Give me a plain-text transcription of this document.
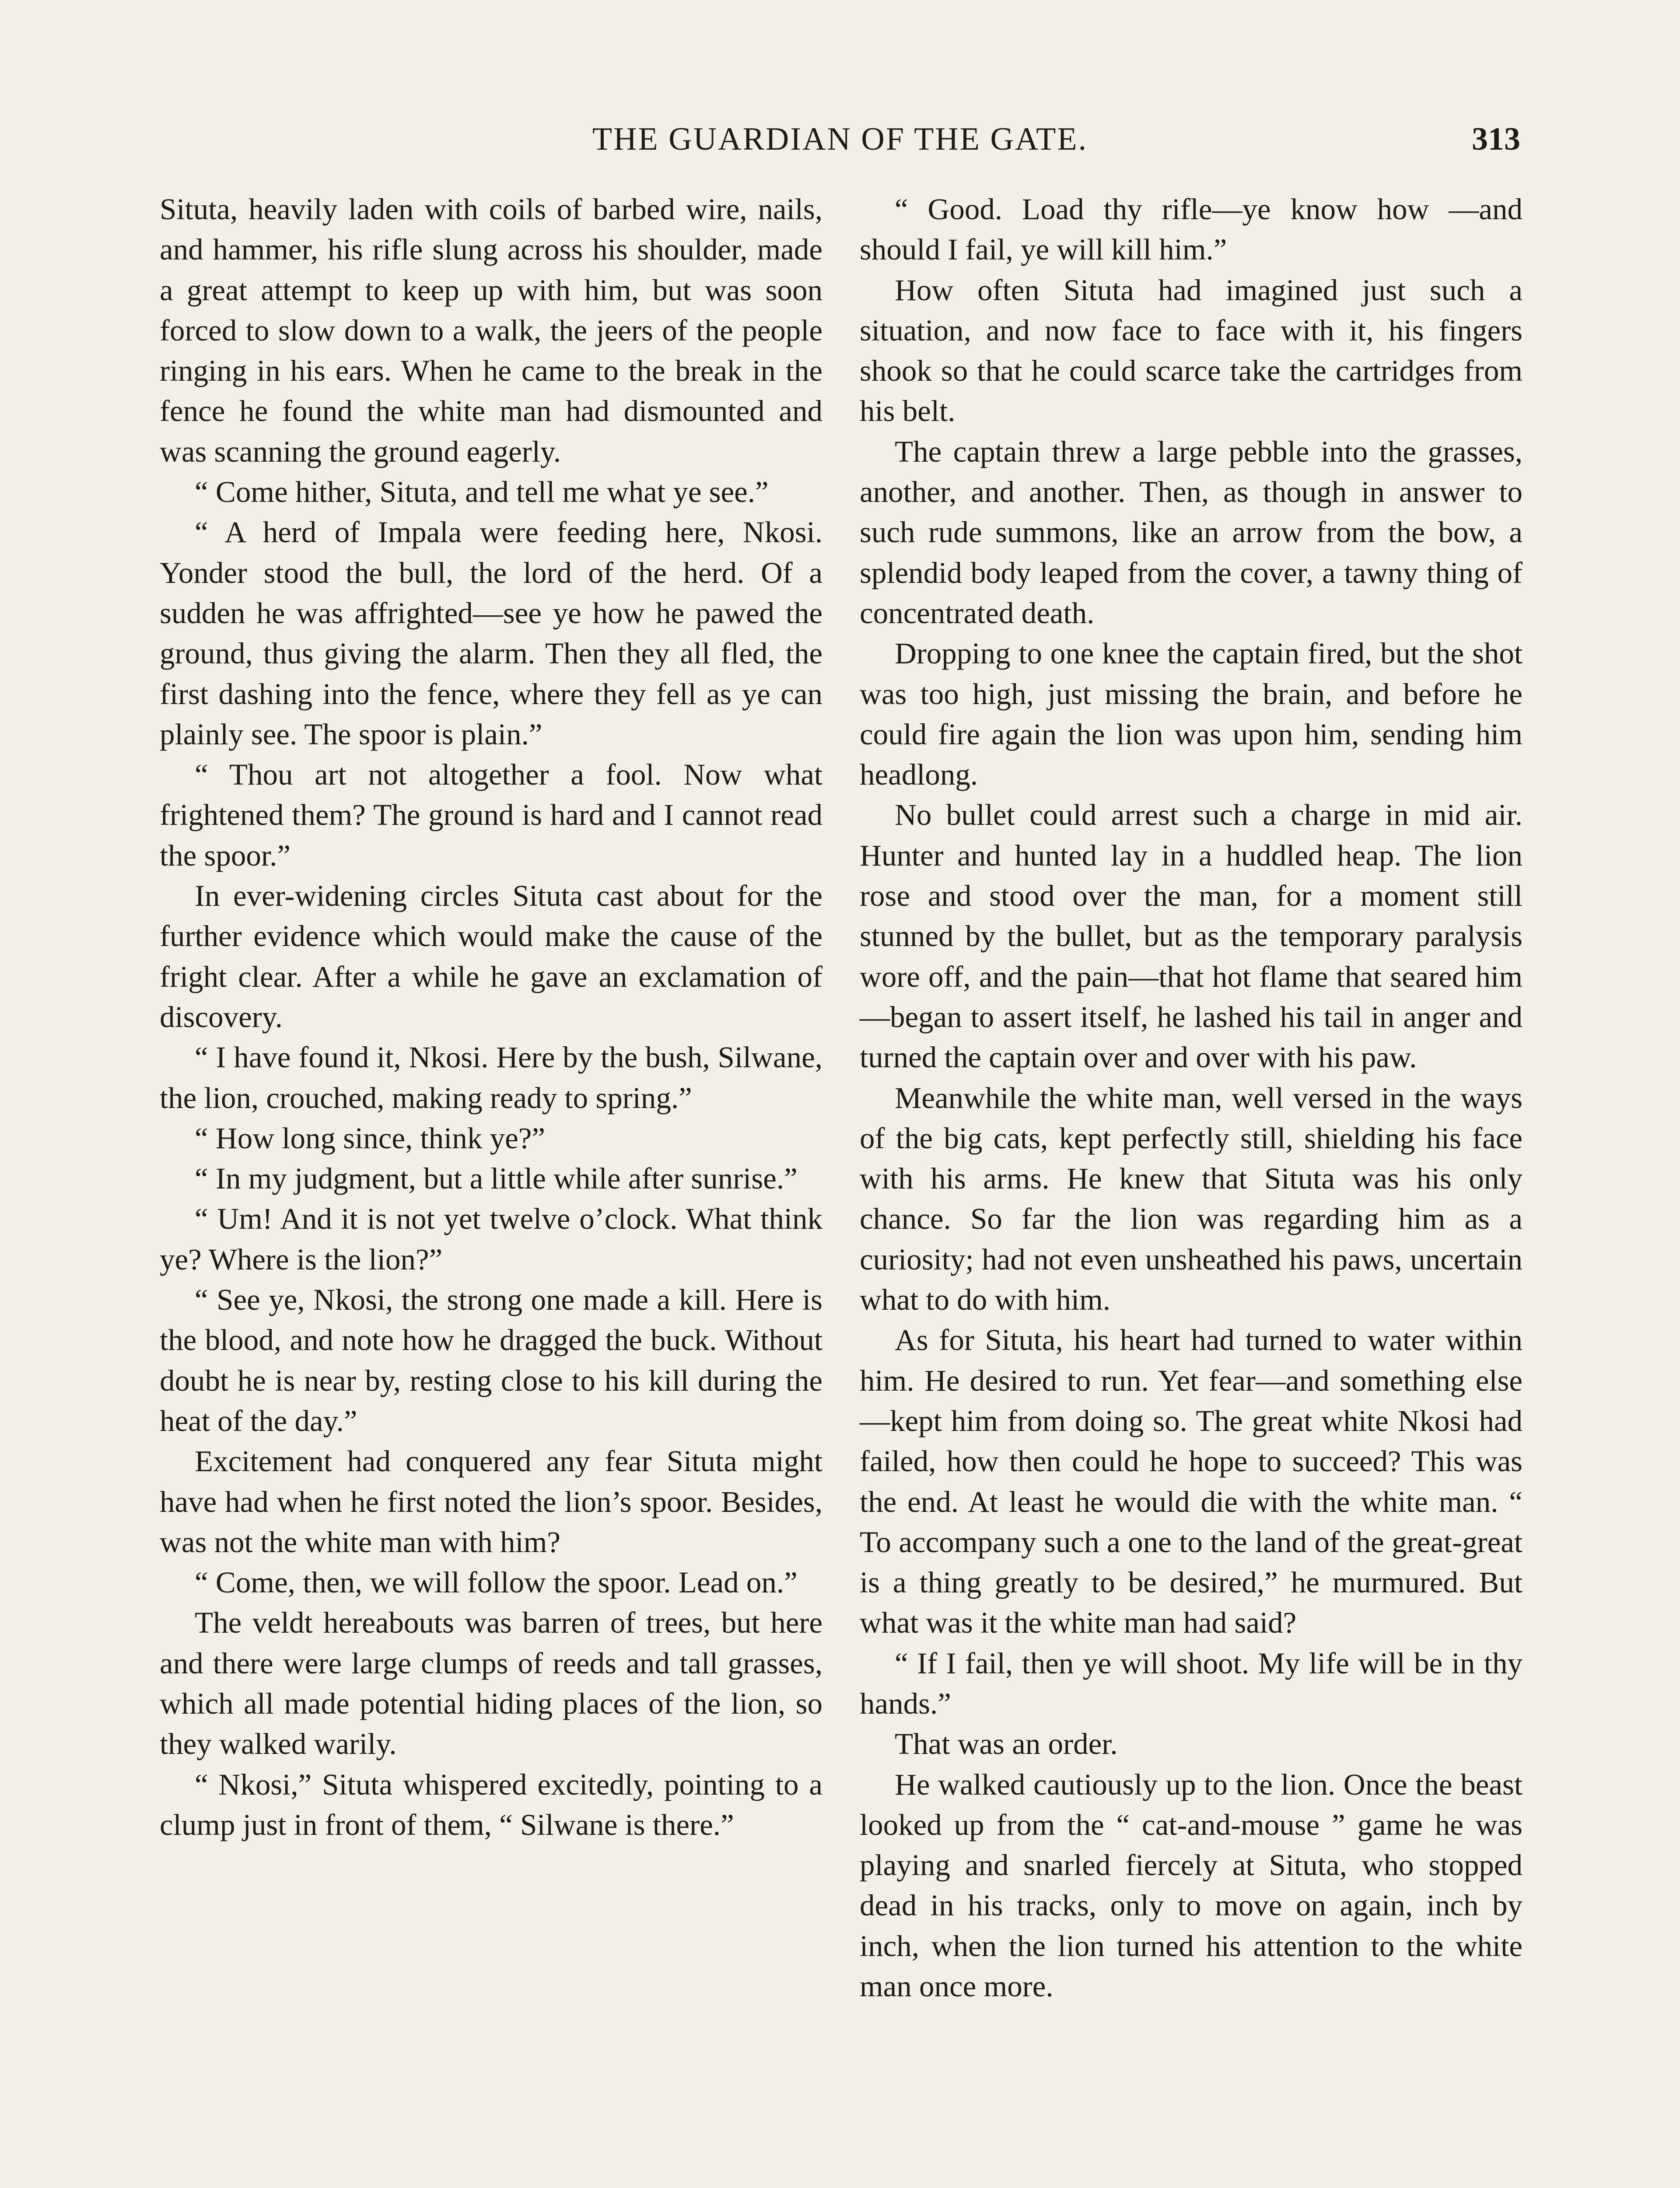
THE GUARDIAN OF THE GATE.	313

Situta, heavily laden with coils of barbed wire, nails, and hammer, his rifle slung across his shoulder, made a great attempt to keep up with him, but was soon forced to slow down to a walk, the jeers of the people ringing in his ears. When he came to the break in the fence he found the white man had dismounted and was scanning the ground eagerly.

“ Come hither, Situta, and tell me what ye see.”

“ A herd of Impala were feeding here, Nkosi. Yonder stood the bull, the lord of the herd. Of a sudden he was affrighted—see ye how he pawed the ground, thus giving the alarm. Then they all fled, the first dashing into the fence, where they fell as ye can plainly see. The spoor is plain.”

“ Thou art not altogether a fool. Now what frightened them? The ground is hard and I cannot read the spoor.”

In ever-widening circles Situta cast about for the further evidence which would make the cause of the fright clear. After a while he gave an exclamation of discovery.

“ I have found it, Nkosi. Here by the bush, Silwane, the lion, crouched, making ready to spring.”

“ How long since, think ye?”

“ In my judgment, but a little while after sunrise.”

“ Um! And it is not yet twelve o’clock. What think ye? Where is the lion?”

“ See ye, Nkosi, the strong one made a kill. Here is the blood, and note how he dragged the buck. Without doubt he is near by, resting close to his kill during the heat of the day.”

Excitement had conquered any fear Situta might have had when he first noted the lion’s spoor. Besides, was not the white man with him?

“ Come, then, we will follow the spoor. Lead on.”

The veldt hereabouts was barren of trees, but here and there were large clumps of reeds and tall grasses, which all made potential hiding places of the lion, so they walked warily.

“ Nkosi,” Situta whispered excitedly, pointing to a clump just in front of them, “ Silwane is there.”

“ Good. Load thy rifle—ye know how —and should I fail, ye will kill him.”

How often Situta had imagined just such a situation, and now face to face with it, his fingers shook so that he could scarce take the cartridges from his belt.

The captain threw a large pebble into the grasses, another, and another. Then, as though in answer to such rude summons, like an arrow from the bow, a splendid body leaped from the cover, a tawny thing of concentrated death.

Dropping to one knee the captain fired, but the shot was too high, just missing the brain, and before he could fire again the lion was upon him, sending him headlong.

No bullet could arrest such a charge in mid air. Hunter and hunted lay in a huddled heap. The lion rose and stood over the man, for a moment still stunned by the bullet, but as the temporary paralysis wore off, and the pain—that hot flame that seared him—began to assert itself, he lashed his tail in anger and turned the captain over and over with his paw.

Meanwhile the white man, well versed in the ways of the big cats, kept perfectly still, shielding his face with his arms. He knew that Situta was his only chance. So far the lion was regarding him as a curiosity; had not even unsheathed his paws, uncertain what to do with him.

As for Situta, his heart had turned to water within him. He desired to run. Yet fear—and something else—kept him from doing so. The great white Nkosi had failed, how then could he hope to succeed? This was the end. At least he would die with the white man. “ To accompany such a one to the land of the great-great is a thing greatly to be desired,” he murmured. But what was it the white man had said?

“ If I fail, then ye will shoot. My life will be in thy hands.”

That was an order.

He walked cautiously up to the lion. Once the beast looked up from the “ cat-and-mouse ” game he was playing and snarled fiercely at Situta, who stopped dead in his tracks, only to move on again, inch by inch, when the lion turned his attention to the white man once more.
